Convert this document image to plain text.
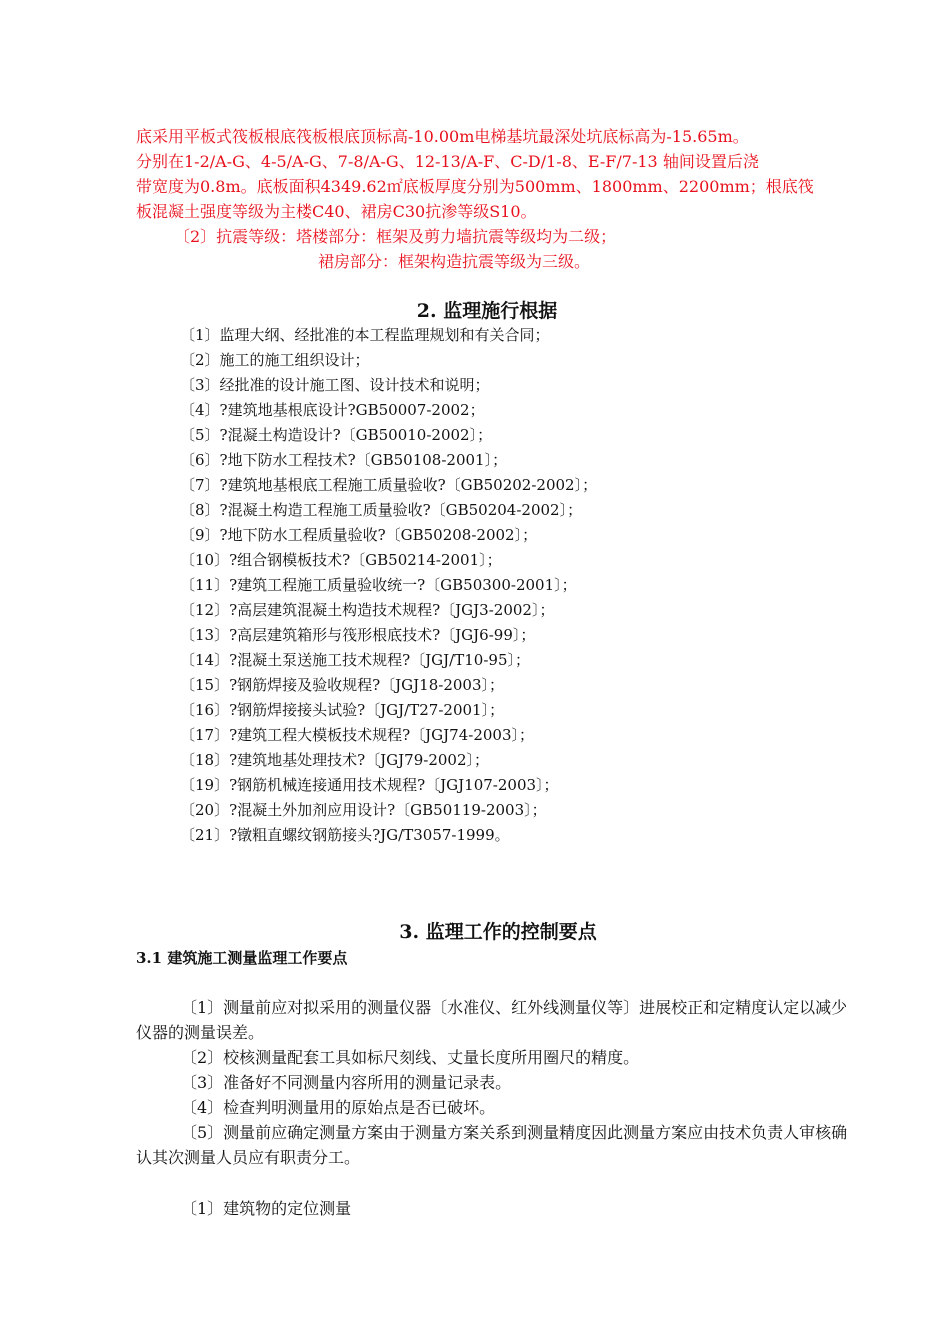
底采用平板式筏板根底筏板根底顶标高-10.00m电梯基坑最深处坑底标高为-15.65m。

分别在1-2/A-G、4-5/A-G、7-8/A-G、12-13/A-F、C-D/1-8、E-F/7-13 轴间设置后浇

带宽度为0.8m。底板面积4349.62㎡底板厚度分别为500mm、1800mm、2200mm；根底筏

板混凝土强度等级为主楼C40、裙房C30抗渗等级S10。

〔2〕抗震等级：塔楼部分：框架及剪力墙抗震等级均为二级；

裙房部分：框架构造抗震等级为三级。

2. 监理施行根据
〔1〕监理大纲、经批准的本工程监理规划和有关合同；
〔2〕施工的施工组织设计；
〔3〕经批准的设计施工图、设计技术和说明；
〔4〕?建筑地基根底设计?GB50007-2002；
〔5〕?混凝土构造设计?〔GB50010-2002〕；
〔6〕?地下防水工程技术?〔GB50108-2001〕；
〔7〕?建筑地基根底工程施工质量验收?〔GB50202-2002〕；
〔8〕?混凝土构造工程施工质量验收?〔GB50204-2002〕；
〔9〕?地下防水工程质量验收?〔GB50208-2002〕；
〔10〕?组合钢模板技术?〔GB50214-2001〕；
〔11〕?建筑工程施工质量验收统一?〔GB50300-2001〕；
〔12〕?高层建筑混凝土构造技术规程?〔JGJ3-2002〕；
〔13〕?高层建筑箱形与筏形根底技术?〔JGJ6-99〕；
〔14〕?混凝土泵送施工技术规程?〔JGJ/T10-95〕；
〔15〕?钢筋焊接及验收规程?〔JGJ18-2003〕；
〔16〕?钢筋焊接接头试验?〔JGJ/T27-2001〕；
〔17〕?建筑工程大模板技术规程?〔JGJ74-2003〕；
〔18〕?建筑地基处理技术?〔JGJ79-2002〕；
〔19〕?钢筋机械连接通用技术规程?〔JGJ107-2003〕；
〔20〕?混凝土外加剂应用设计?〔GB50119-2003〕；
〔21〕?镦粗直螺纹钢筋接头?JG/T3057-1999。
3. 监理工作的控制要点
3.1 建筑施工测量监理工作要点

〔1〕测量前应对拟采用的测量仪器〔水准仪、红外线测量仪等〕进展校正和定精度认定以减少仪器的测量误差。

〔2〕校核测量配套工具如标尺刻线、丈量长度所用圈尺的精度。

〔3〕准备好不同测量内容所用的测量记录表。

〔4〕检查判明测量用的原始点是否已破坏。

〔5〕测量前应确定测量方案由于测量方案关系到测量精度因此测量方案应由技术负责人审核确认其次测量人员应有职责分工。

〔1〕建筑物的定位测量
